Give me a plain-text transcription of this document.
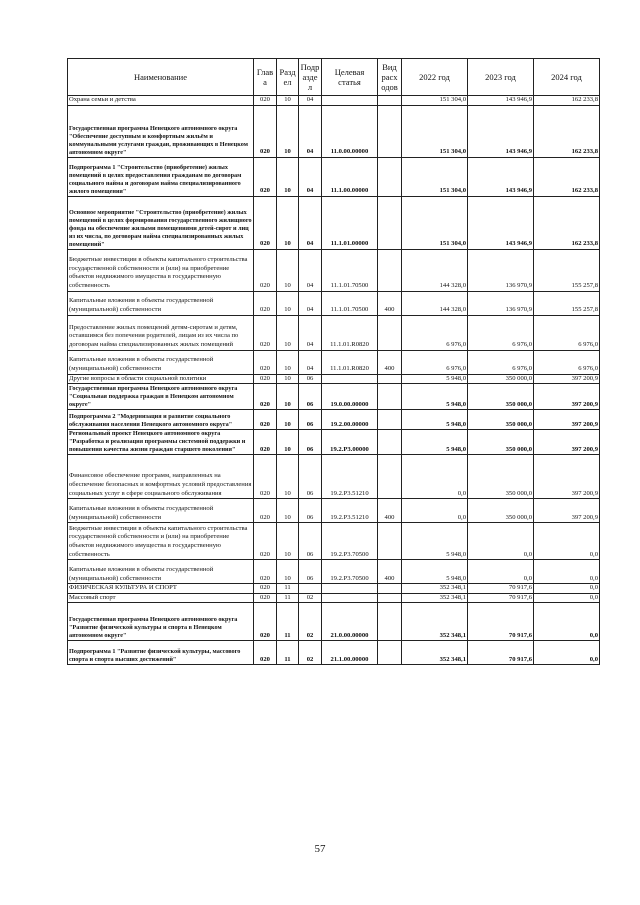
Наименование	Глав а	Разд ел	Подр азде л	Целевая статья	Вид расх одов	2022 год	2023 год	2024 год
Охрана семьи и детства	020	10	04			151 304,0	143 946,9	162 233,8
Государственная программа Ненецкого автономного округа "Обеспечение доступным и комфортным жильём и коммунальными услугами граждан, проживающих в Ненецком автономном округе"	020	10	04	11.0.00.00000		151 304,0	143 946,9	162 233,8
Подпрограмма 1 "Строительство (приобретение) жилых помещений в целях предоставления гражданам по договорам социального найма и договорам найма специализированного жилого помещения"	020	10	04	11.1.00.00000		151 304,0	143 946,9	162 233,8
Основное мероприятие "Строительство (приобретение) жилых помещений в целях формирования государственного жилищного фонда на обеспечение жилыми помещениями детей-сирот и лиц из их числа, по договорам найма специализированных жилых помещений"	020	10	04	11.1.01.00000		151 304,0	143 946,9	162 233,8
Бюджетные инвестиции в объекты капитального строительства государственной собственности и (или) на приобретение объектов недвижимого имущества в государственную собственность	020	10	04	11.1.01.70500		144 328,0	136 970,9	155 257,8
Капитальные вложения в объекты государственной (муниципальной) собственности	020	10	04	11.1.01.70500	400	144 328,0	136 970,9	155 257,8
Предоставление жилых помещений детям-сиротам и детям, оставшимся без попечения родителей, лицам из их числа по договорам найма специализированных жилых помещений	020	10	04	11.1.01.R0820		6 976,0	6 976,0	6 976,0
Капитальные вложения в объекты государственной (муниципальной) собственности	020	10	04	11.1.01.R0820	400	6 976,0	6 976,0	6 976,0
Другие вопросы в области социальной политики	020	10	06			5 948,0	350 000,0	397 200,9
Государственная программа Ненецкого автономного округа "Социальная поддержка граждан в Ненецком автономном округе"	020	10	06	19.0.00.00000		5 948,0	350 000,0	397 200,9
Подпрограмма 2 "Модернизация и развитие социального обслуживания населения Ненецкого автономного округа"	020	10	06	19.2.00.00000		5 948,0	350 000,0	397 200,9
Региональный проект Ненецкого автономного округа "Разработка и реализация программы системной поддержки и повышения качества жизни граждан старшего поколения"	020	10	06	19.2.P3.00000		5 948,0	350 000,0	397 200,9
Финансовое обеспечение программ, направленных на обеспечение безопасных и комфортных условий предоставления социальных услуг в сфере социального обслуживания	020	10	06	19.2.P3.51210		0,0	350 000,0	397 200,9
Капитальные вложения в объекты государственной (муниципальной) собственности	020	10	06	19.2.P3.51210	400	0,0	350 000,0	397 200,9
Бюджетные инвестиции в объекты капитального строительства государственной собственности и (или) на приобретение объектов недвижимого имущества в государственную собственность	020	10	06	19.2.P3.70500		5 948,0	0,0	0,0
Капитальные вложения в объекты государственной (муниципальной) собственности	020	10	06	19.2.P3.70500	400	5 948,0	0,0	0,0
ФИЗИЧЕСКАЯ КУЛЬТУРА И СПОРТ	020	11				352 348,1	70 917,6	0,0
Массовый спорт	020	11	02			352 348,1	70 917,6	0,0
Государственная программа Ненецкого автономного округа "Развитие физической культуры и спорта в Ненецком автономном округе"	020	11	02	21.0.00.00000		352 348,1	70 917,6	0,0
Подпрограмма 1 "Развитие физической культуры, массового спорта и спорта высших достижений"	020	11	02	21.1.00.00000		352 348,1	70 917,6	0,0
57
